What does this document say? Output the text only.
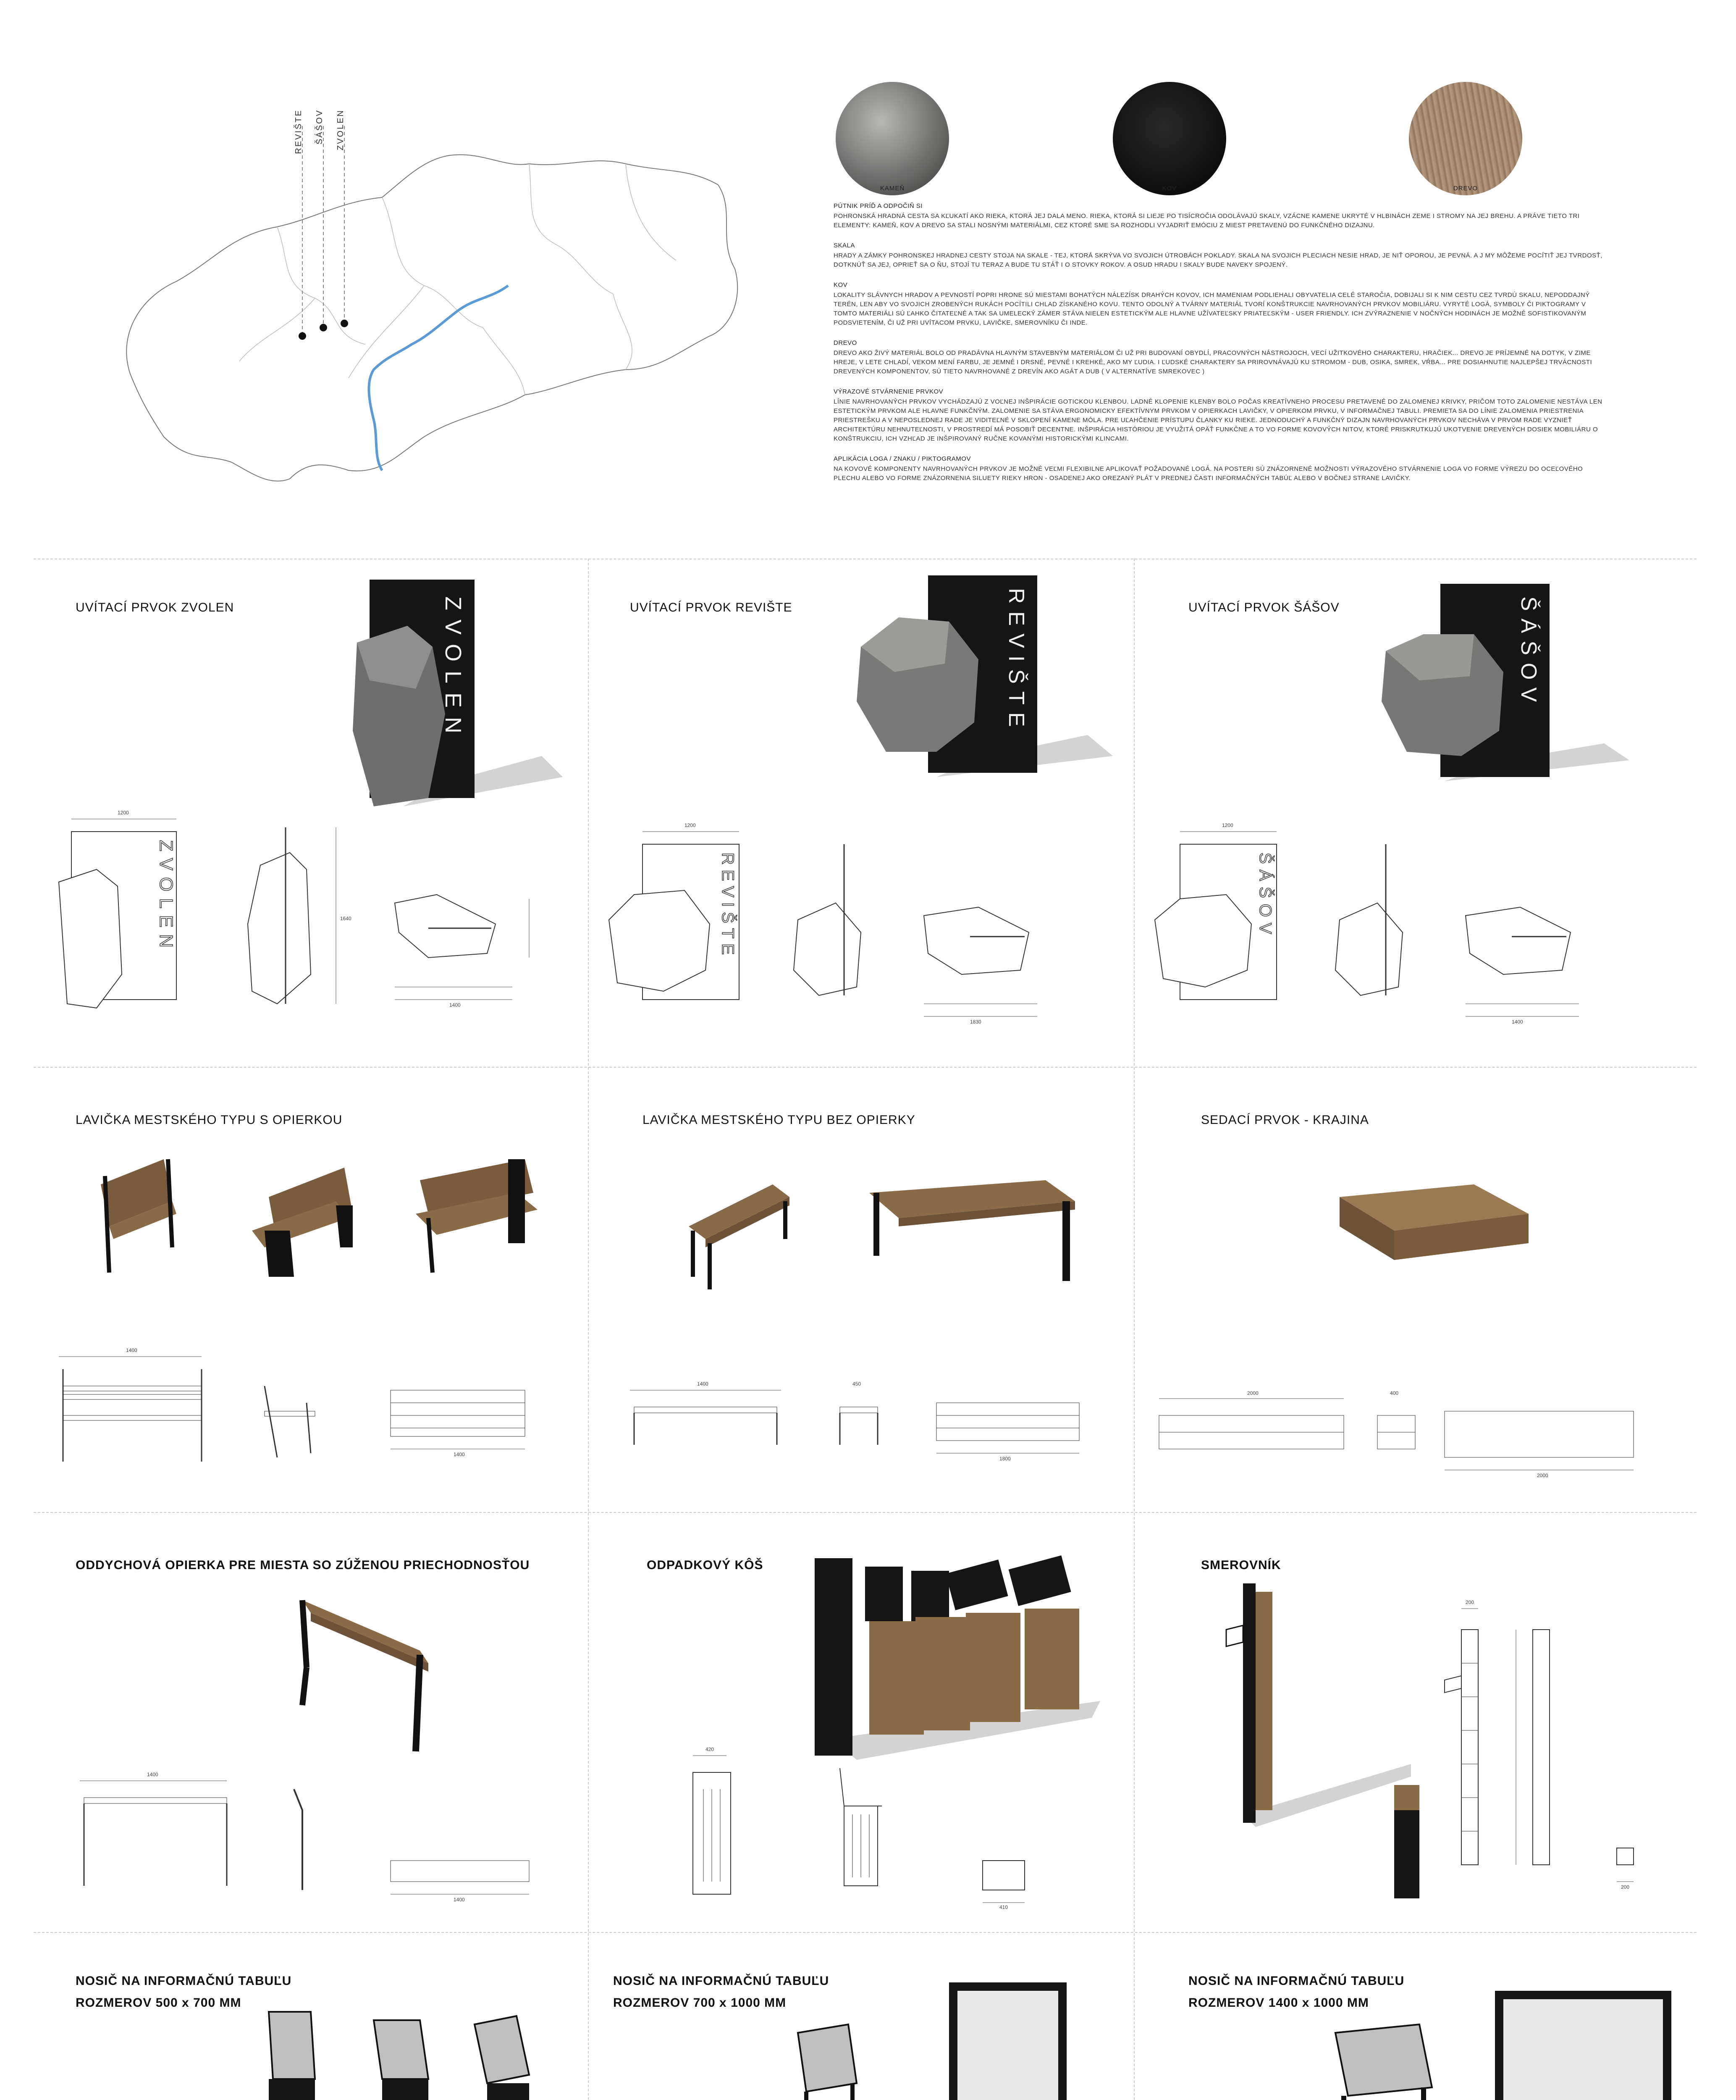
REVIŠTE ŠÁŠOV ZVOLEN
KAMEŇ	KOV	DREVO

PÚTNIK PRÍĎ A ODPOČIŇ SI

POHRONSKÁ HRADNÁ CESTA SA KĽUKATÍ AKO RIEKA, KTORÁ JEJ DALA MENO. RIEKA, KTORÁ SI LIEJE PO TISÍCROČIA ODOLÁVAJÚ SKALY, VZÁCNE KAMENE UKRYTÉ V HLBINÁCH ZEME I STROMY NA JEJ BREHU. A PRÁVE TIETO TRI ELEMENTY: KAMEŇ, KOV A DREVO SA STALI NOSNÝMI MATERIÁLMI, CEZ KTORÉ SME SA ROZHODLI VYJADRIŤ EMÓCIU Z MIEST PRETAVENÚ DO FUNKČNÉHO DIZAJNU.

SKALA

HRADY A ZÁMKY POHRONSKEJ HRADNEJ CESTY STOJA NA SKALE - TEJ, KTORÁ SKRÝVA VO SVOJICH ÚTROBÁCH POKLADY. SKALA NA SVOJICH PLECIACH NESIE HRAD, JE NIŤ OPOROU, JE PEVNÁ. A J MY MÔŽEME POCÍTIŤ JEJ TVRDOSŤ, DOTKNÚŤ SA JEJ, OPRIEŤ SA O ŇU, STOJÍ TU TERAZ A BUDE TU STÁŤ I O STOVKY ROKOV. A OSUD HRADU I SKALY BUDE NAVEKY SPOJENÝ.

KOV

LOKALITY SLÁVNYCH HRADOV A PEVNOSTÍ POPRI HRONE SÚ MIESTAMI BOHATÝCH NÁLEZÍSK DRAHÝCH KOVOV, ICH MAMENIAM PODLIEHALI OBYVATELIA CELÉ STAROČIA, DOBIJALI SI K NIM CESTU CEZ TVRDÚ SKALU, NEPODDAJNÝ TERÉN, LEN ABY VO SVOJICH ZROBENÝCH RUKÁCH POCÍTILI CHLAD ZÍSKANÉHO KOVU. TENTO ODOLNÝ A TVÁRNY MATERIÁL TVORÍ KONŠTRUKCIE NAVRHOVANÝCH PRVKOV MOBILIÁRU. VYRYTÉ LOGÁ, SYMBOLY ČI PIKTOGRAMY V TOMTO MATERIÁLI SÚ ĽAHKO ČITATEĽNÉ A TAK SA UMELECKÝ ZÁMER STÁVA NIELEN ESTETICKÝM ALE HLAVNE UŽÍVATEĽSKY PRIATEĽSKÝM - USER FRIENDLY. ICH ZVÝRAZNENIE V NOČNÝCH HODINÁCH JE MOŽNÉ SOFISTIKOVANÝM PODSVIETENÍM, ČI UŽ PRI UVÍTACOM PRVKU, LAVIČKE, SMEROVNÍKU ČI INDE.

DREVO

DREVO AKO ŽIVÝ MATERIÁL BOLO OD PRADÁVNA HLAVNÝM STAVEBNÝM MATERIÁLOM ČI UŽ PRI BUDOVANÍ OBYDLÍ, PRACOVNÝCH NÁSTROJOCH, VECÍ UŽITKOVÉHO CHARAKTERU, HRAČIEK... DREVO JE PRÍJEMNÉ NA DOTYK, V ZIME HREJE, V LETE CHLADÍ, VEKOM MENÍ FARBU, JE JEMNÉ I DRSNÉ, PEVNÉ I KREHKÉ, AKO MY ĽUDIA. I ĽUDSKÉ CHARAKTERY SA PRIROVNÁVAJÚ KU STROMOM - DUB, OSIKA, SMREK, VŔBA... PRE DOSIAHNUTIE NAJLEPŠEJ TRVÁCNOSTI DREVENÝCH KOMPONENTOV, SÚ TIETO NAVRHOVANÉ Z DREVÍN AKO AGÁT A DUB ( V ALTERNATÍVE SMREKOVEC )

VÝRAZOVÉ STVÁRNENIE PRVKOV

LÍNIE NAVRHOVANÝCH PRVKOV VYCHÁDZAJÚ Z VOĽNEJ INŠPIRÁCIE GOTICKOU KLENBOU. LADNÉ KLOPENIE KLENBY BOLO POČAS KREATÍVNEHO PROCESU PRETAVENÉ DO ZALOMENEJ KRIVKY, PRIČOM TOTO ZALOMENIE NESTÁVA LEN ESTETICKÝM PRVKOM ALE HLAVNE FUNKČNÝM. ZALOMENIE SA STÁVA ERGONOMICKY EFEKTÍVNYM PRVKOM V OPIERKACH LAVIČKY, V OPIERKOM PRVKU, V INFORMAČNEJ TABULI. PREMIETA SA DO LÍNIE ZALOMENIA PRIESTRENIA PRIESTREŠKU A V NEPOSLEDNEJ RADE JE VIDITEĽNÉ V SKLOPENÍ KAMENE MÓLA. PRE UĽAHČENIE PRÍSTUPU ČLANKY KU RIEKE. JEDNODUCHÝ A FUNKČNÝ DIZAJN NAVRHOVANÝCH PRVKOV NECHÁVA V PRVOM RADE VYZNIEŤ ARCHITEKTÚRU NEHNUTEĽNOSTI, V PROSTREDÍ MÁ POSOBIŤ DECENTNE. INŠPIRÁCIA HISTÓRIOU JE VYUŽITÁ OPÄŤ FUNKČNE A TO VO FORME KOVOVÝCH NITOV, KTORÉ PRISKRUTKUJÚ UKOTVENIE DREVENÝCH DOSIEK MOBILIÁRU O KONŠTRUKCIU, ICH VZHĽAD JE INŠPIROVANÝ RUČNE KOVANÝMI HISTORICKÝMI KLINCAMI.

APLIKÁCIA LOGA / ZNAKU / PIKTOGRAMOV

NA KOVOVÉ KOMPONENTY NAVRHOVANÝCH PRVKOV JE MOŽNÉ VEĽMI FLEXIBILNE APLIKOVAŤ POŽADOVANÉ LOGÁ. NA POSTERI SÚ ZNÁZORNENÉ MOŽNOSTI VÝRAZOVÉHO STVÁRNENIE LOGA VO FORME VÝREZU DO OCEĽOVÉHO PLECHU ALEBO VO FORME ZNÁZORNENIA SILUETY RIEKY HRON - OSADENEJ AKO OREZANÝ PLÁT V PREDNEJ ČASTI INFORMAČNÝCH TABÚĽ ALEBO V BOČNEJ STRANE LAVIČKY.

UVÍTACÍ PRVOK ZVOLEN	ZVOLEN
ZVOLEN
1200
1640
1400
UVÍTACÍ PRVOK REVIŠTE	REVIŠTE
REVIŠTE
1200
1830
UVÍTACÍ PRVOK ŠÁŠOV	ŠÁŠOV
ŠÁŠOV
1200
1400
LAVIČKA MESTSKÉHO TYPU S OPIERKOU
1400
1400
LAVIČKA MESTSKÉHO TYPU BEZ OPIERKY
1400	450
1800
SEDACÍ PRVOK - KRAJINA
2000	400
2000
ODDYCHOVÁ OPIERKA PRE MIESTA SO ZÚŽENOU PRIECHODNOSŤOU
1400
1400
ODPADKOVÝ KÔŠ
420
410
SMEROVNÍK
200
200
NOSIČ NA INFORMAČNÚ TABUĽU
ROZMEROV 500 x 700 MM
NOSIČ NA INFORMAČNÚ TABUĽU
ROZMEROV 700 x 1000 MM
NOSIČ NA INFORMAČNÚ TABUĽU
ROZMEROV 1400 x 1000 MM
